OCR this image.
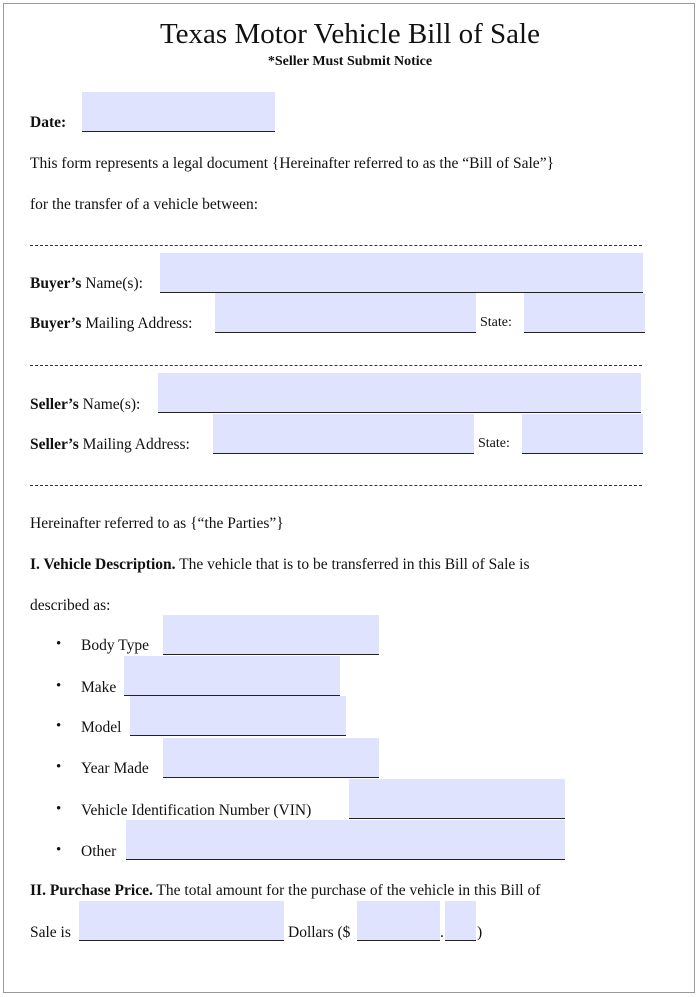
Texas Motor Vehicle Bill of Sale
*Seller Must Submit Notice
Date:
This form represents a legal document {Hereinafter referred to as the “Bill of Sale”}
for the transfer of a vehicle between:
Buyer’s Name(s):
Buyer’s Mailing Address:	State:
Seller’s Name(s):
Seller’s Mailing Address:	State:
Hereinafter referred to as {“the Parties”}
I. Vehicle Description. The vehicle that is to be transferred in this Bill of Sale is
described as:
• Body Type
• Make
• Model
• Year Made
• Vehicle Identification Number (VIN)
• Other
II. Purchase Price. The total amount for the purchase of the vehicle in this Bill of
Sale is	Dollars ($	. )
